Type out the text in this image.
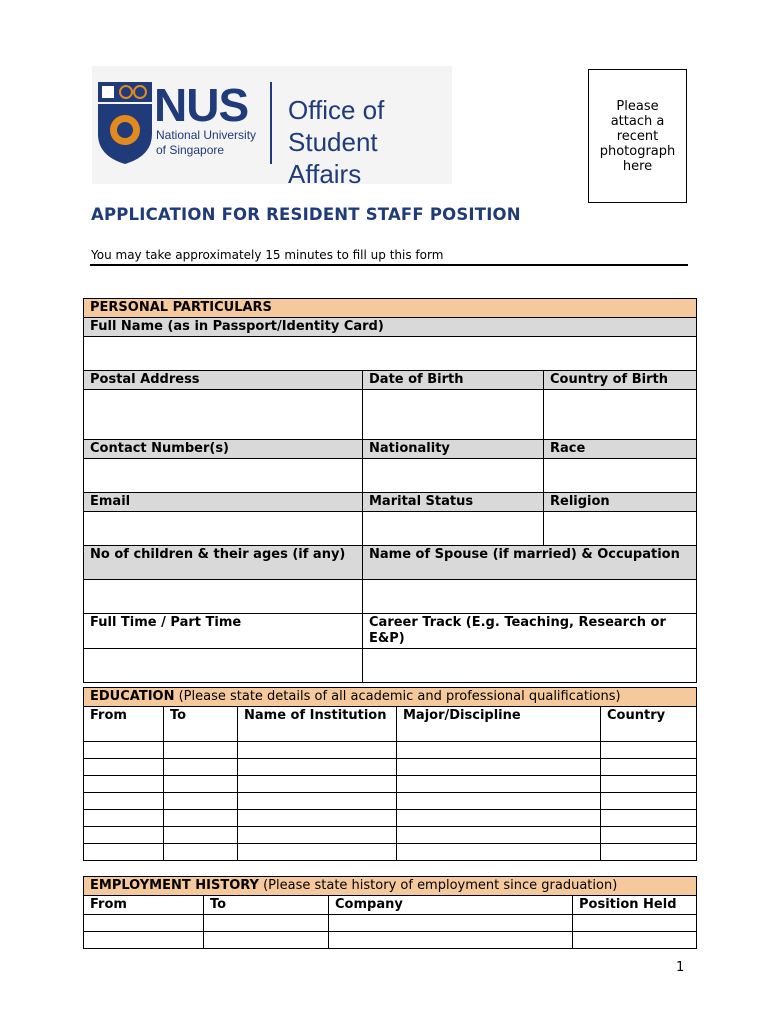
NUS
National University
of Singapore
Office of
Student Affairs
Please
attach a
recent
photograph
here
APPLICATION FOR RESIDENT STAFF POSITION
You may take approximately 15 minutes to fill up this form
PERSONAL PARTICULARS		
Full Name (as in Passport/Identity Card)		

Postal Address	Date of Birth	Country of Birth

Contact Number(s)	Nationality	Race

Email	Marital Status	Religion

No of children & their ages (if any)	Name of Spouse (if married) & Occupation	

Full Time / Part Time	Career Track (E.g. Teaching, Research or E&P)	

EDUCATION (Please state details of all academic and professional qualifications)				
From	To	Name of Institution	Major/Discipline	Country

EMPLOYMENT HISTORY (Please state history of employment since graduation)			
From	To	Company	Position Held

1
